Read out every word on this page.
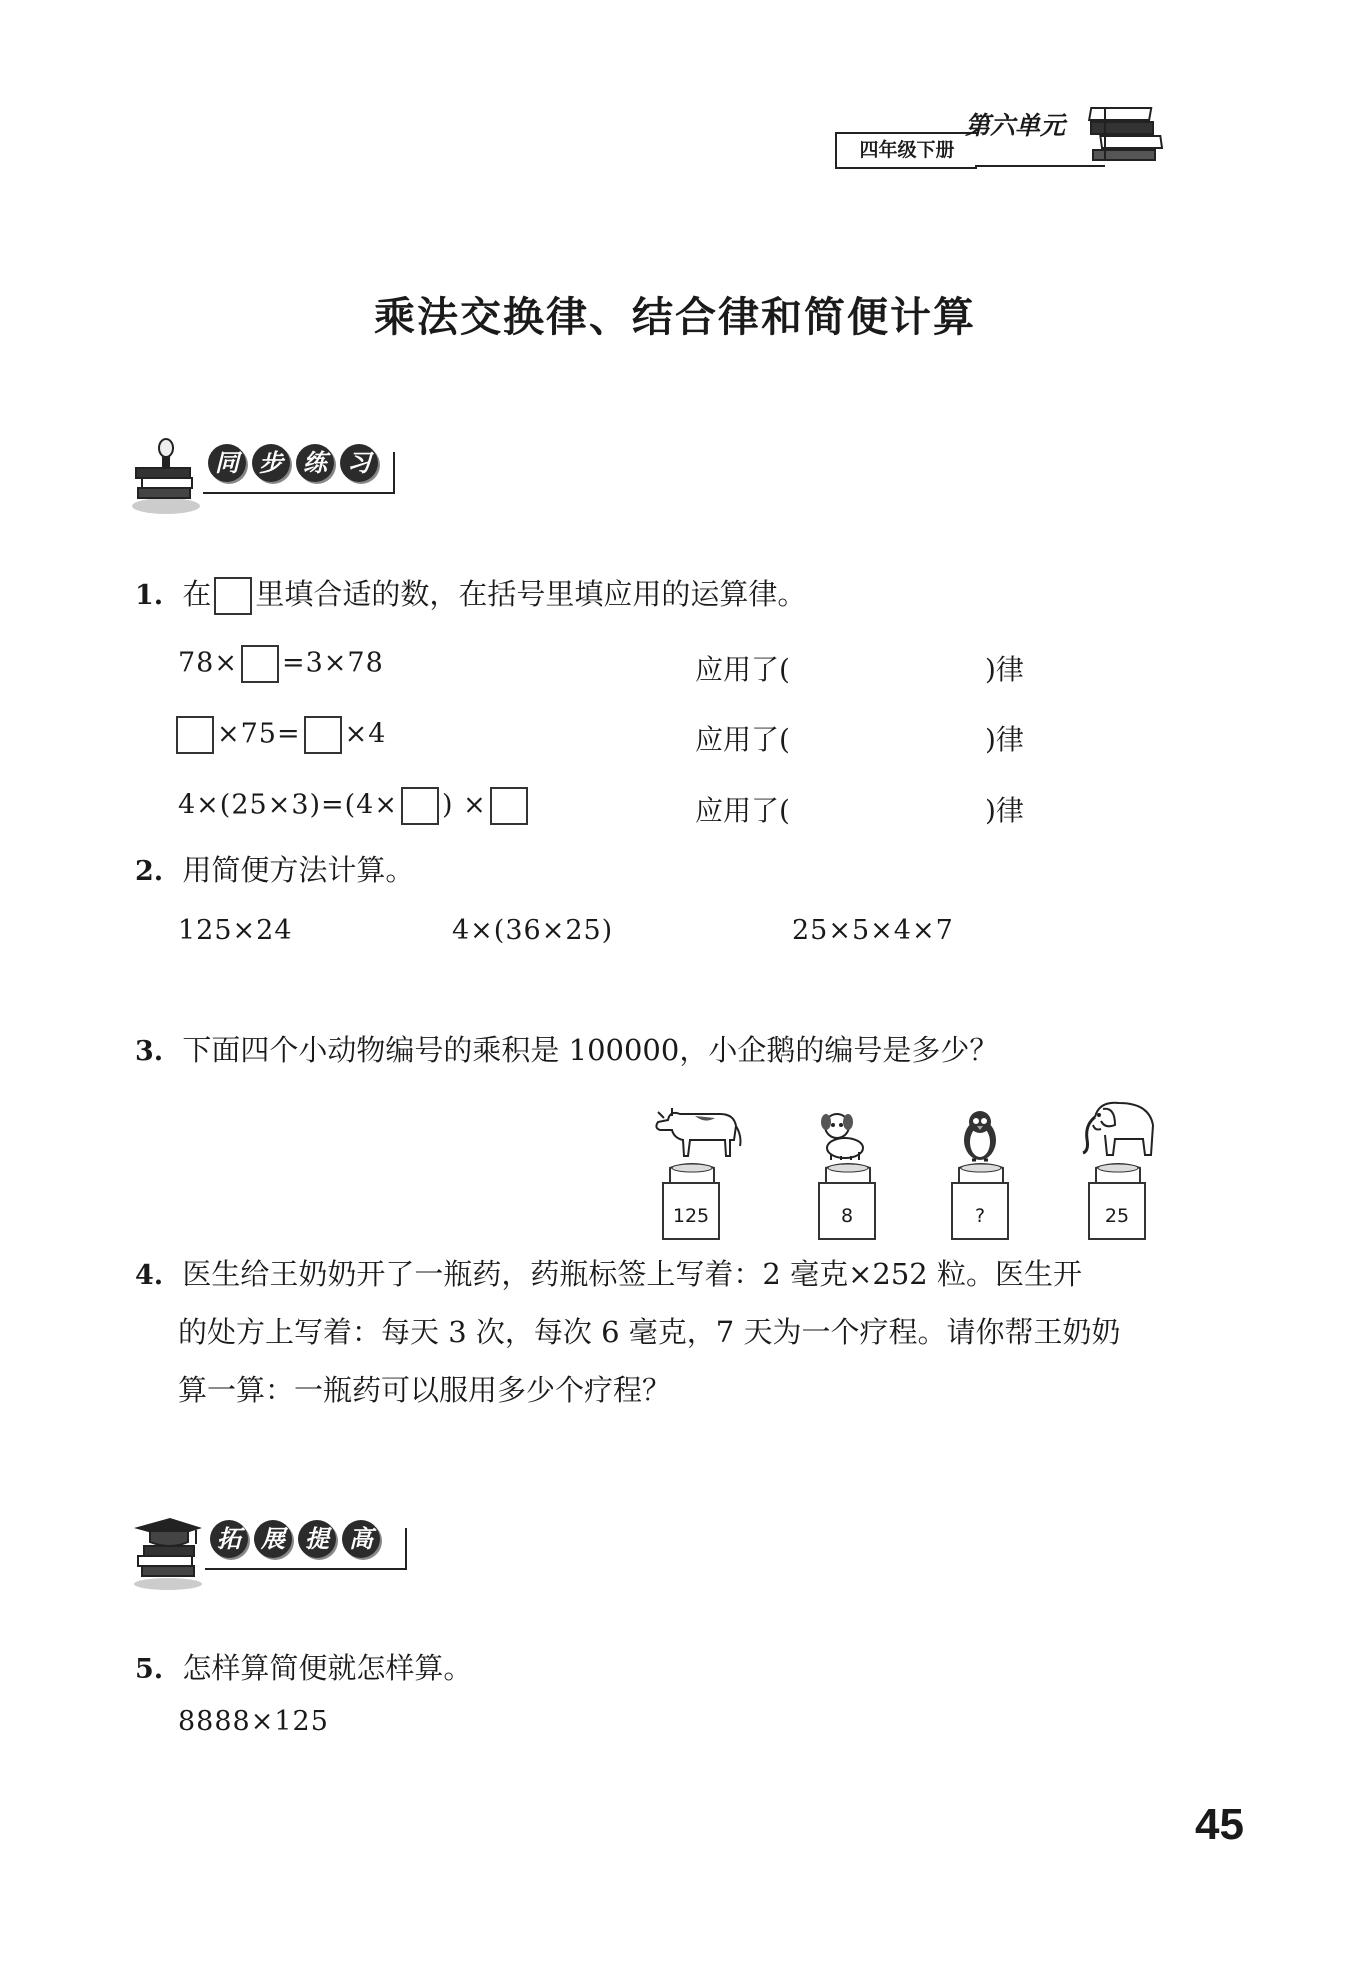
四年级下册
第六单元
乘法交换律、结合律和简便计算
同 步 练 习
1. 在 里填合适的数，在括号里填应用的运算律。
78× =3×78	应用了(	)律
×75= ×4	应用了(	)律
4×(25×3)=(4× ) ×	应用了(	)律
2. 用简便方法计算。
125×24	4×(36×25)	25×5×4×7
3. 下面四个小动物编号的乘积是 100000，小企鹅的编号是多少？
125	8	?	25
4. 医生给王奶奶开了一瓶药，药瓶标签上写着：2 毫克×252 粒。医生开
的处方上写着：每天 3 次，每次 6 毫克，7 天为一个疗程。请你帮王奶奶
算一算：一瓶药可以服用多少个疗程？
拓 展 提 高
5. 怎样算简便就怎样算。
8888×125
45
